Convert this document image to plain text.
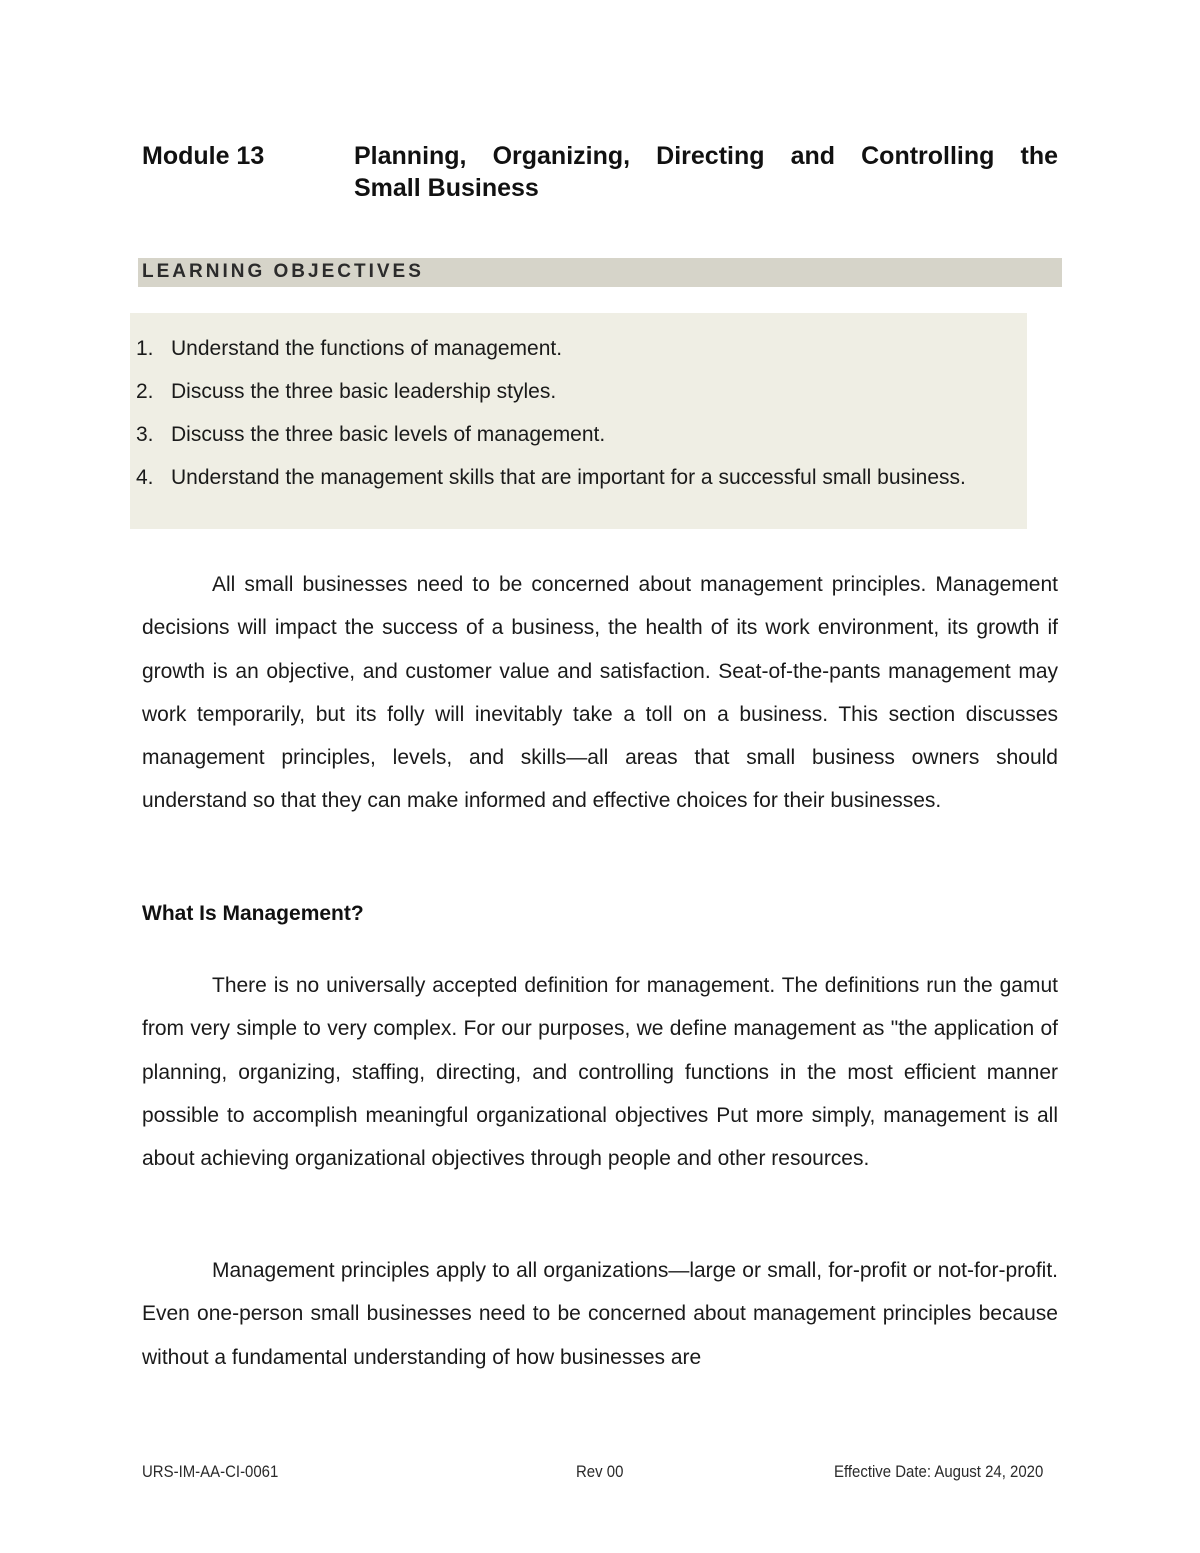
Module 13	Planning, Organizing, Directing and Controlling the
Small Business
LEARNING OBJECTIVES
1. Understand the functions of management.
2. Discuss the three basic leadership styles.
3. Discuss the three basic levels of management.
4. Understand the management skills that are important for a successful small business.

All small businesses need to be concerned about management principles. Management decisions will impact the success of a business, the health of its work environment, its growth if growth is an objective, and customer value and satisfaction. Seat-of-the-pants management may work temporarily, but its folly will inevitably take a toll on a business. This section discusses management principles, levels, and skills—all areas that small business owners should understand so that they can make informed and effective choices for their businesses.

What Is Management?

There is no universally accepted definition for management. The definitions run the gamut from very simple to very complex. For our purposes, we define management as "the application of planning, organizing, staffing, directing, and controlling functions in the most efficient manner possible to accomplish meaningful organizational objectives Put more simply, management is all about achieving organizational objectives through people and other resources.

Management principles apply to all organizations—large or small, for-profit or not-for-profit. Even one-person small businesses need to be concerned about management principles because without a fundamental understanding of how businesses are

URS-IM-AA-CI-0061	Rev 00	Effective Date: August 24, 2020
